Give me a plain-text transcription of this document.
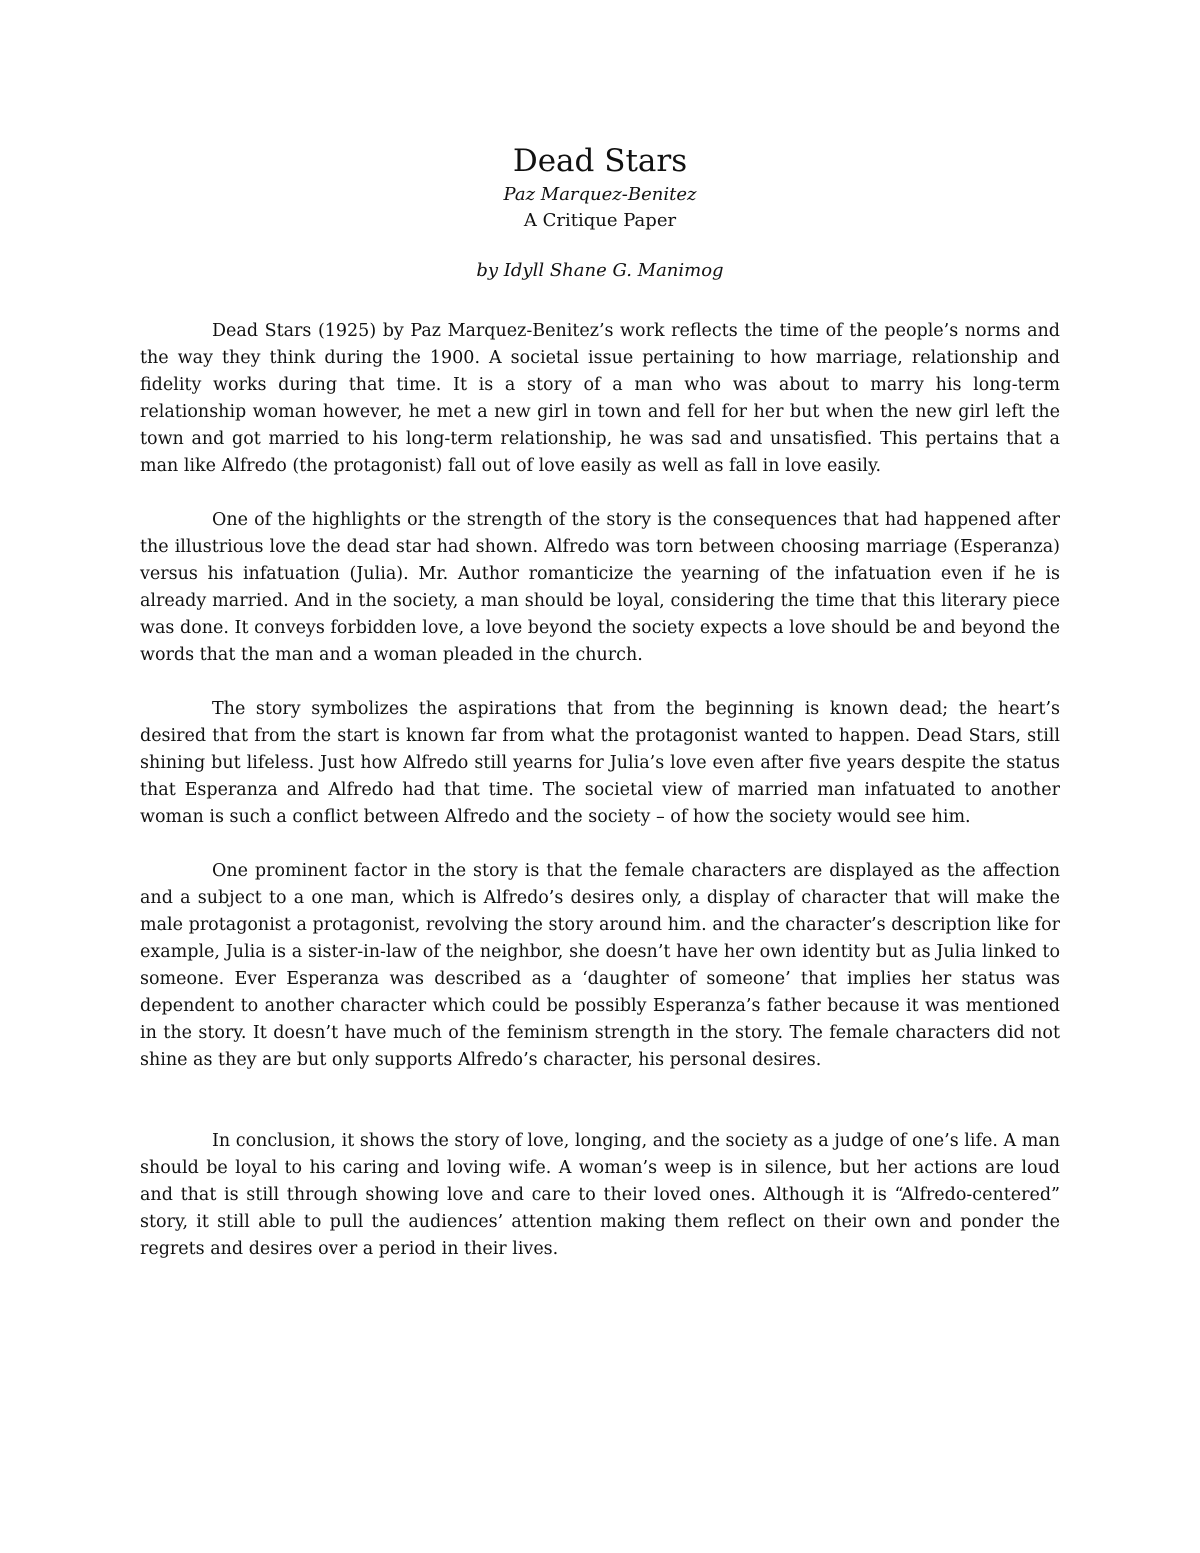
Dead Stars

Paz Marquez-Benitez

A Critique Paper

by Idyll Shane G. Manimog

Dead Stars (1925) by Paz Marquez-Benitez’s work reflects the time of the people’s norms and the way they think during the 1900. A societal issue pertaining to how marriage, relationship and fidelity works during that time. It is a story of a man who was about to marry his long-term relationship woman however, he met a new girl in town and fell for her but when the new girl left the town and got married to his long-term relationship, he was sad and unsatisfied. This pertains that a man like Alfredo (the protagonist) fall out of love easily as well as fall in love easily.

One of the highlights or the strength of the story is the consequences that had happened after the illustrious love the dead star had shown. Alfredo was torn between choosing marriage (Esperanza) versus his infatuation (Julia). Mr. Author romanticize the yearning of the infatuation even if he is already married. And in the society, a man should be loyal, considering the time that this literary piece was done. It conveys forbidden love, a love beyond the society expects a love should be and beyond the words that the man and a woman pleaded in the church.

The story symbolizes the aspirations that from the beginning is known dead; the heart’s desired that from the start is known far from what the protagonist wanted to happen. Dead Stars, still shining but lifeless. Just how Alfredo still yearns for Julia’s love even after five years despite the status that Esperanza and Alfredo had that time. The societal view of married man infatuated to another woman is such a conflict between Alfredo and the society – of how the society would see him.

One prominent factor in the story is that the female characters are displayed as the affection and a subject to a one man, which is Alfredo’s desires only, a display of character that will make the male protagonist a protagonist, revolving the story around him. and the character’s description like for example, Julia is a sister-in-law of the neighbor, she doesn’t have her own identity but as Julia linked to someone. Ever Esperanza was described as a ‘daughter of someone’ that implies her status was dependent to another character which could be possibly Esperanza’s father because it was mentioned in the story. It doesn’t have much of the feminism strength in the story. The female characters did not shine as they are but only supports Alfredo’s character, his personal desires.

In conclusion, it shows the story of love, longing, and the society as a judge of one’s life. A man should be loyal to his caring and loving wife. A woman’s weep is in silence, but her actions are loud and that is still through showing love and care to their loved ones. Although it is “Alfredo-centered” story, it still able to pull the audiences’ attention making them reflect on their own and ponder the regrets and desires over a period in their lives.
